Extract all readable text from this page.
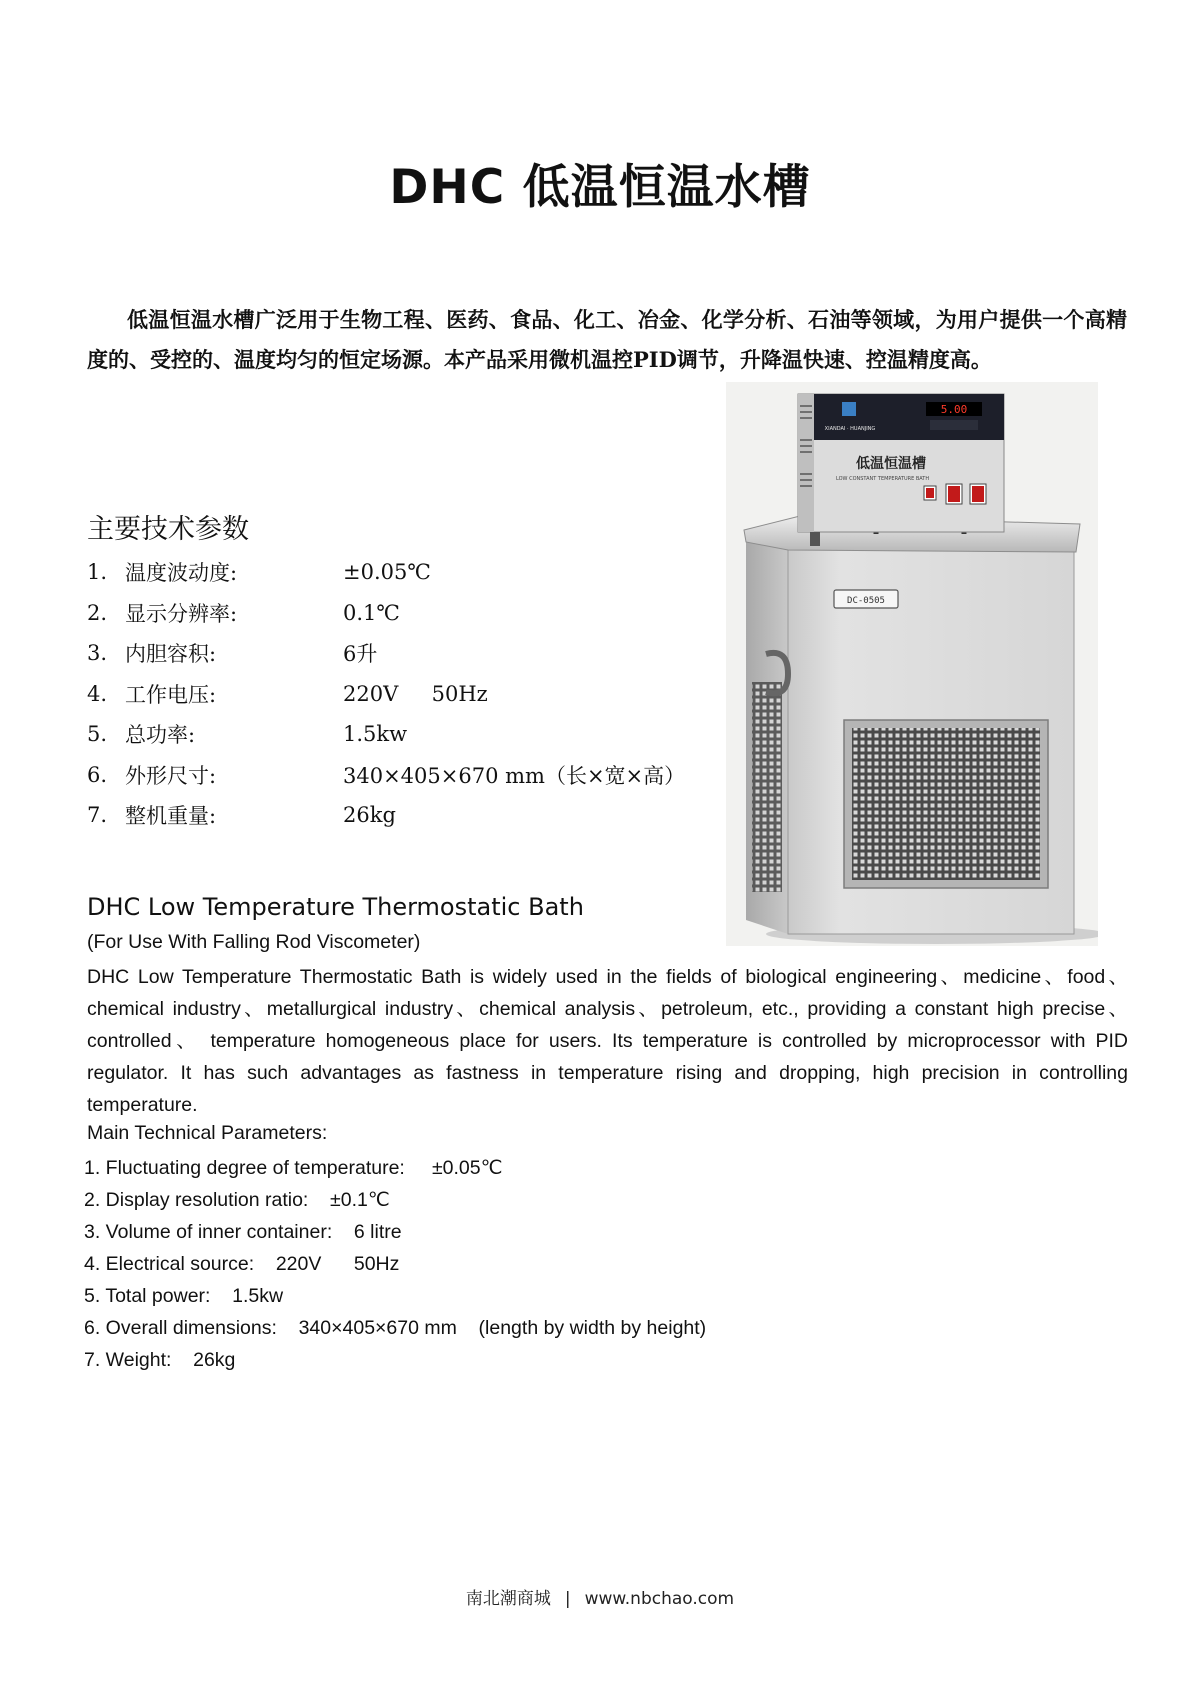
DHC 低温恒温水槽
低温恒温水槽广泛用于生物工程、医药、食品、化工、冶金、化学分析、石油等领域，为用户提供一个高精度的、受控的、温度均匀的恒定场源。本产品采用微机温控PID调节，升降温快速、控温精度高。
DC-0505
XIANDAI · HUANJING
5.00
低温恒温槽
LOW CONSTANT TEMPERATURE BATH
主要技术参数
1. 温度波动度:	±0.05℃
2. 显示分辨率:	0.1℃
3. 内胆容积:	6升
4. 工作电压:	220V     50Hz
5. 总功率:	1.5kw
6. 外形尺寸:	340×405×670 mm（长×宽×高）
7. 整机重量:	26kg
DHC Low Temperature Thermostatic Bath
(For Use With Falling Rod Viscometer)
DHC Low Temperature Thermostatic Bath is widely used in the fields of biological engineering、medicine、food、chemical industry、metallurgical industry、chemical analysis、petroleum, etc., providing a constant high precise、controlled、 temperature homogeneous place for users. Its temperature is controlled by microprocessor with PID regulator. It has such advantages as fastness in temperature rising and dropping, high precision in controlling temperature.
Main Technical Parameters:
1. Fluctuating degree of temperature:     ±0.05℃
2. Display resolution ratio:    ±0.1℃
3. Volume of inner container:    6 litre
4. Electrical source:    220V      50Hz
5. Total power:    1.5kw
6. Overall dimensions:    340×405×670 mm    (length by width by height)
7. Weight:    26kg
南北潮商城 | www.nbchao.com
